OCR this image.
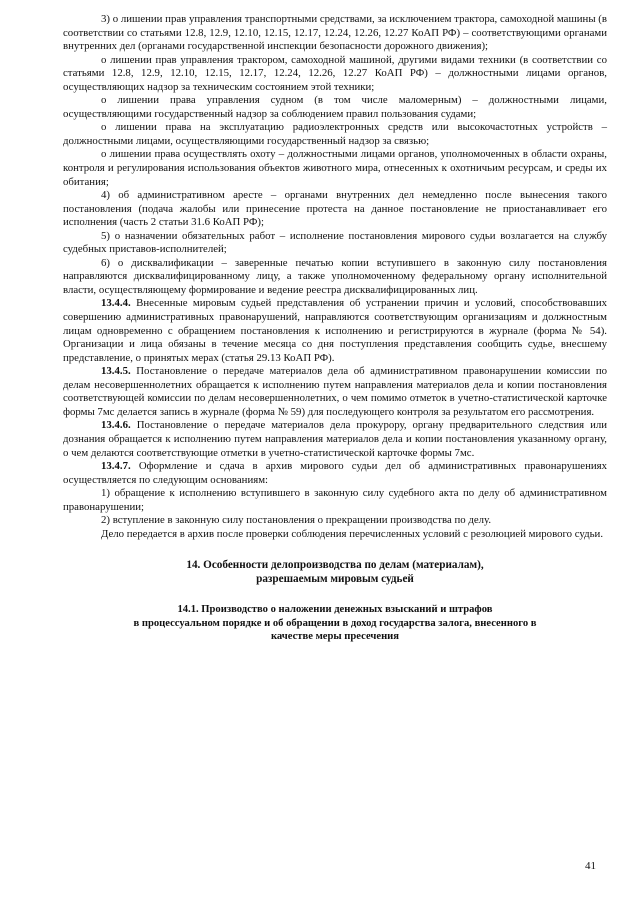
3) о лишении прав управления транспортными средствами, за исключением трактора, самоходной машины (в соответствии со статьями 12.8, 12.9, 12.10, 12.15, 12.17, 12.24, 12.26, 12.27 КоАП РФ) – соответствующими органами внутренних дел (органами государственной инспекции безопасности дорожного движения);

о лишении прав управления трактором, самоходной машиной, другими видами техники (в соответствии со статьями 12.8, 12.9, 12.10, 12.15, 12.17, 12.24, 12.26, 12.27 КоАП РФ) – должностными лицами органов, осуществляющих надзор за техническим состоянием этой техники;

о лишении права управления судном (в том числе маломерным) – должностными лицами, осуществляющими государственный надзор за соблюдением правил пользования судами;

о лишении права на эксплуатацию радиоэлектронных средств или высокочастотных устройств – должностными лицами, осуществляющими государственный надзор за связью;

о лишении права осуществлять охоту – должностными лицами органов, уполномоченных в области охраны, контроля и регулирования использования объектов животного мира, отнесенных к охотничьим ресурсам, и среды их обитания;

4) об административном аресте – органами внутренних дел немедленно после вынесения такого постановления (подача жалобы или принесение протеста на данное постановление не приостанавливает его исполнения (часть 2 статьи 31.6 КоАП РФ);

5) о назначении обязательных работ – исполнение постановления мирового судьи возлагается на службу судебных приставов-исполнителей;

6) о дисквалификации – заверенные печатью копии вступившего в законную силу постановления направляются дисквалифицированному лицу, а также уполномоченному федеральному органу исполнительной власти, осуществляющему формирование и ведение реестра дисквалифицированных лиц.

13.4.4. Внесенные мировым судьей представления об устранении причин и условий, способствовавших совершению административных правонарушений, направляются соответствующим организациям и должностным лицам одновременно с обращением постановления к исполнению и регистрируются в журнале (форма № 54). Организации и лица обязаны в течение месяца со дня поступления представления сообщить судье, внесшему представление, о принятых мерах (статья 29.13 КоАП РФ).

13.4.5. Постановление о передаче материалов дела об административном правонарушении комиссии по делам несовершеннолетних обращается к исполнению путем направления материалов дела и копии постановления соответствующей комиссии по делам несовершеннолетних, о чем помимо отметок в учетно-статистической карточке формы 7мс делается запись в журнале (форма № 59) для последующего контроля за результатом его рассмотрения.

13.4.6. Постановление о передаче материалов дела прокурору, органу предварительного следствия или дознания обращается к исполнению путем направления материалов дела и копии постановления указанному органу, о чем делаются соответствующие отметки в учетно-статистической карточке формы 7мс.

13.4.7. Оформление и сдача в архив мирового судьи дел об административных правонарушениях осуществляется по следующим основаниям:

1) обращение к исполнению вступившего в законную силу судебного акта по делу об административном правонарушении;

2) вступление в законную силу постановления о прекращении производства по делу.

Дело передается в архив после проверки соблюдения перечисленных условий с резолюцией мирового судьи.

14. Особенности делопроизводства по делам (материалам),
разрешаемым мировым судьей
14.1. Производство о наложении денежных взысканий и штрафов
в процессуальном порядке и об обращении в доход государства залога, внесенного в
качестве меры пресечения
41
